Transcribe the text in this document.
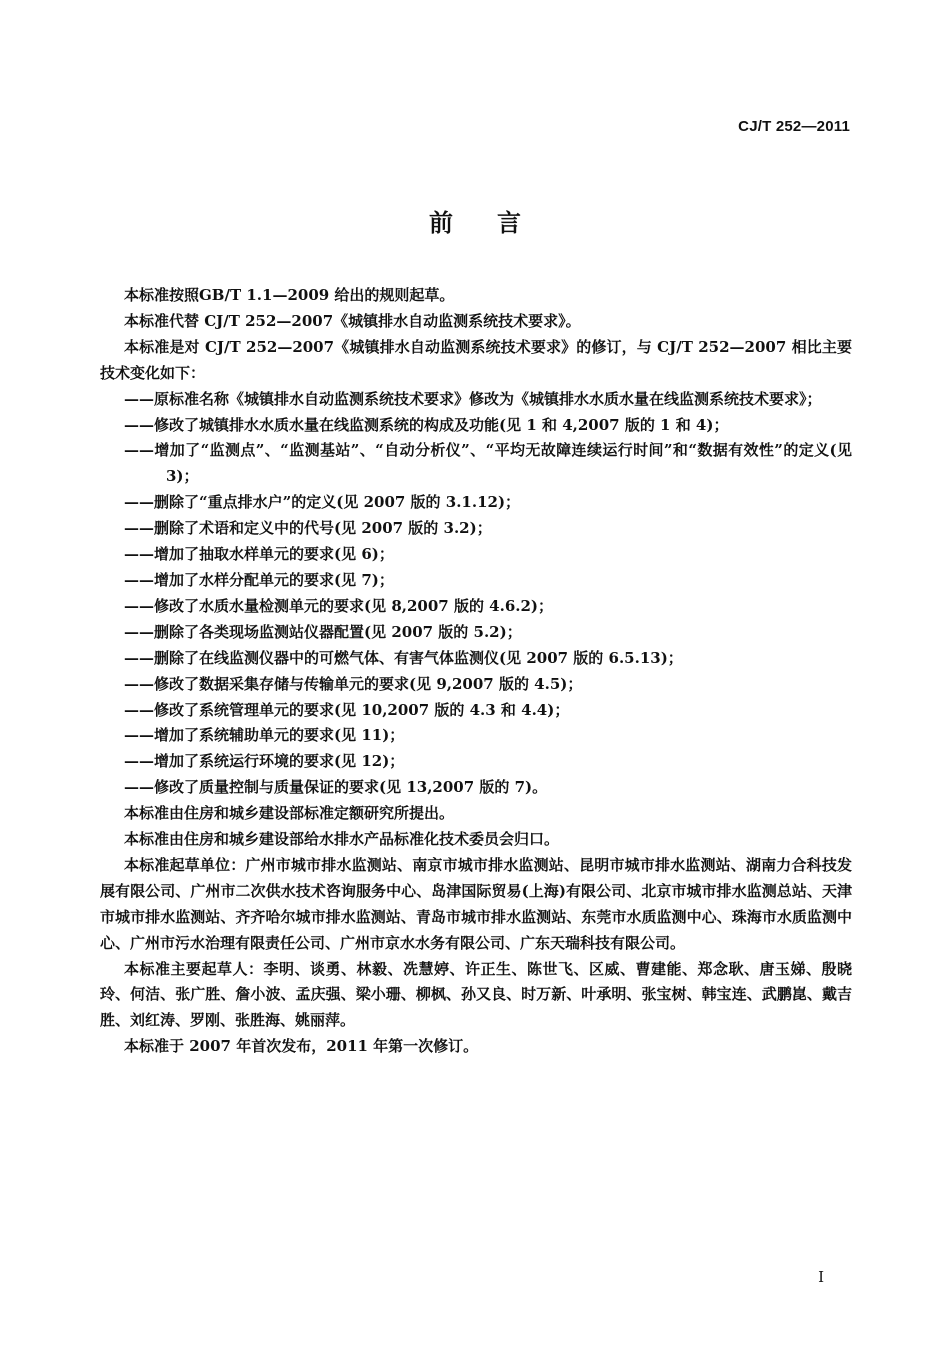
CJ/T 252—2011
前言

本标准按照GB/T 1.1—2009 给出的规则起草。

本标准代替 CJ/T 252—2007《城镇排水自动监测系统技术要求》。

本标准是对 CJ/T 252—2007《城镇排水自动监测系统技术要求》的修订，与 CJ/T 252—2007 相比主要技术变化如下：

——原标准名称《城镇排水自动监测系统技术要求》修改为《城镇排水水质水量在线监测系统技术要求》；

——修改了城镇排水水质水量在线监测系统的构成及功能(见 1 和 4,2007 版的 1 和 4)；

——增加了“监测点”、“监测基站”、“自动分析仪”、“平均无故障连续运行时间”和“数据有效性”的定义(见 3)；

——删除了“重点排水户”的定义(见 2007 版的 3.1.12)；

——删除了术语和定义中的代号(见 2007 版的 3.2)；

——增加了抽取水样单元的要求(见 6)；

——增加了水样分配单元的要求(见 7)；

——修改了水质水量检测单元的要求(见 8,2007 版的 4.6.2)；

——删除了各类现场监测站仪器配置(见 2007 版的 5.2)；

——删除了在线监测仪器中的可燃气体、有害气体监测仪(见 2007 版的 6.5.13)；

——修改了数据采集存储与传输单元的要求(见 9,2007 版的 4.5)；

——修改了系统管理单元的要求(见 10,2007 版的 4.3 和 4.4)；

——增加了系统辅助单元的要求(见 11)；

——增加了系统运行环境的要求(见 12)；

——修改了质量控制与质量保证的要求(见 13,2007 版的 7)。

本标准由住房和城乡建设部标准定额研究所提出。

本标准由住房和城乡建设部给水排水产品标准化技术委员会归口。

本标准起草单位：广州市城市排水监测站、南京市城市排水监测站、昆明市城市排水监测站、湖南力合科技发展有限公司、广州市二次供水技术咨询服务中心、岛津国际贸易(上海)有限公司、北京市城市排水监测总站、天津市城市排水监测站、齐齐哈尔城市排水监测站、青岛市城市排水监测站、东莞市水质监测中心、珠海市水质监测中心、广州市污水治理有限责任公司、广州市京水水务有限公司、广东天瑞科技有限公司。

本标准主要起草人：李明、谈勇、林毅、冼慧婷、许正生、陈世飞、区威、曹建能、郑念耿、唐玉娣、殷晓玲、何洁、张广胜、詹小波、孟庆强、梁小珊、柳枫、孙又良、时万新、叶承明、张宝树、韩宝连、武鹏崑、戴吉胜、刘红涛、罗刚、张胜海、姚丽萍。

本标准于 2007 年首次发布，2011 年第一次修订。

I
